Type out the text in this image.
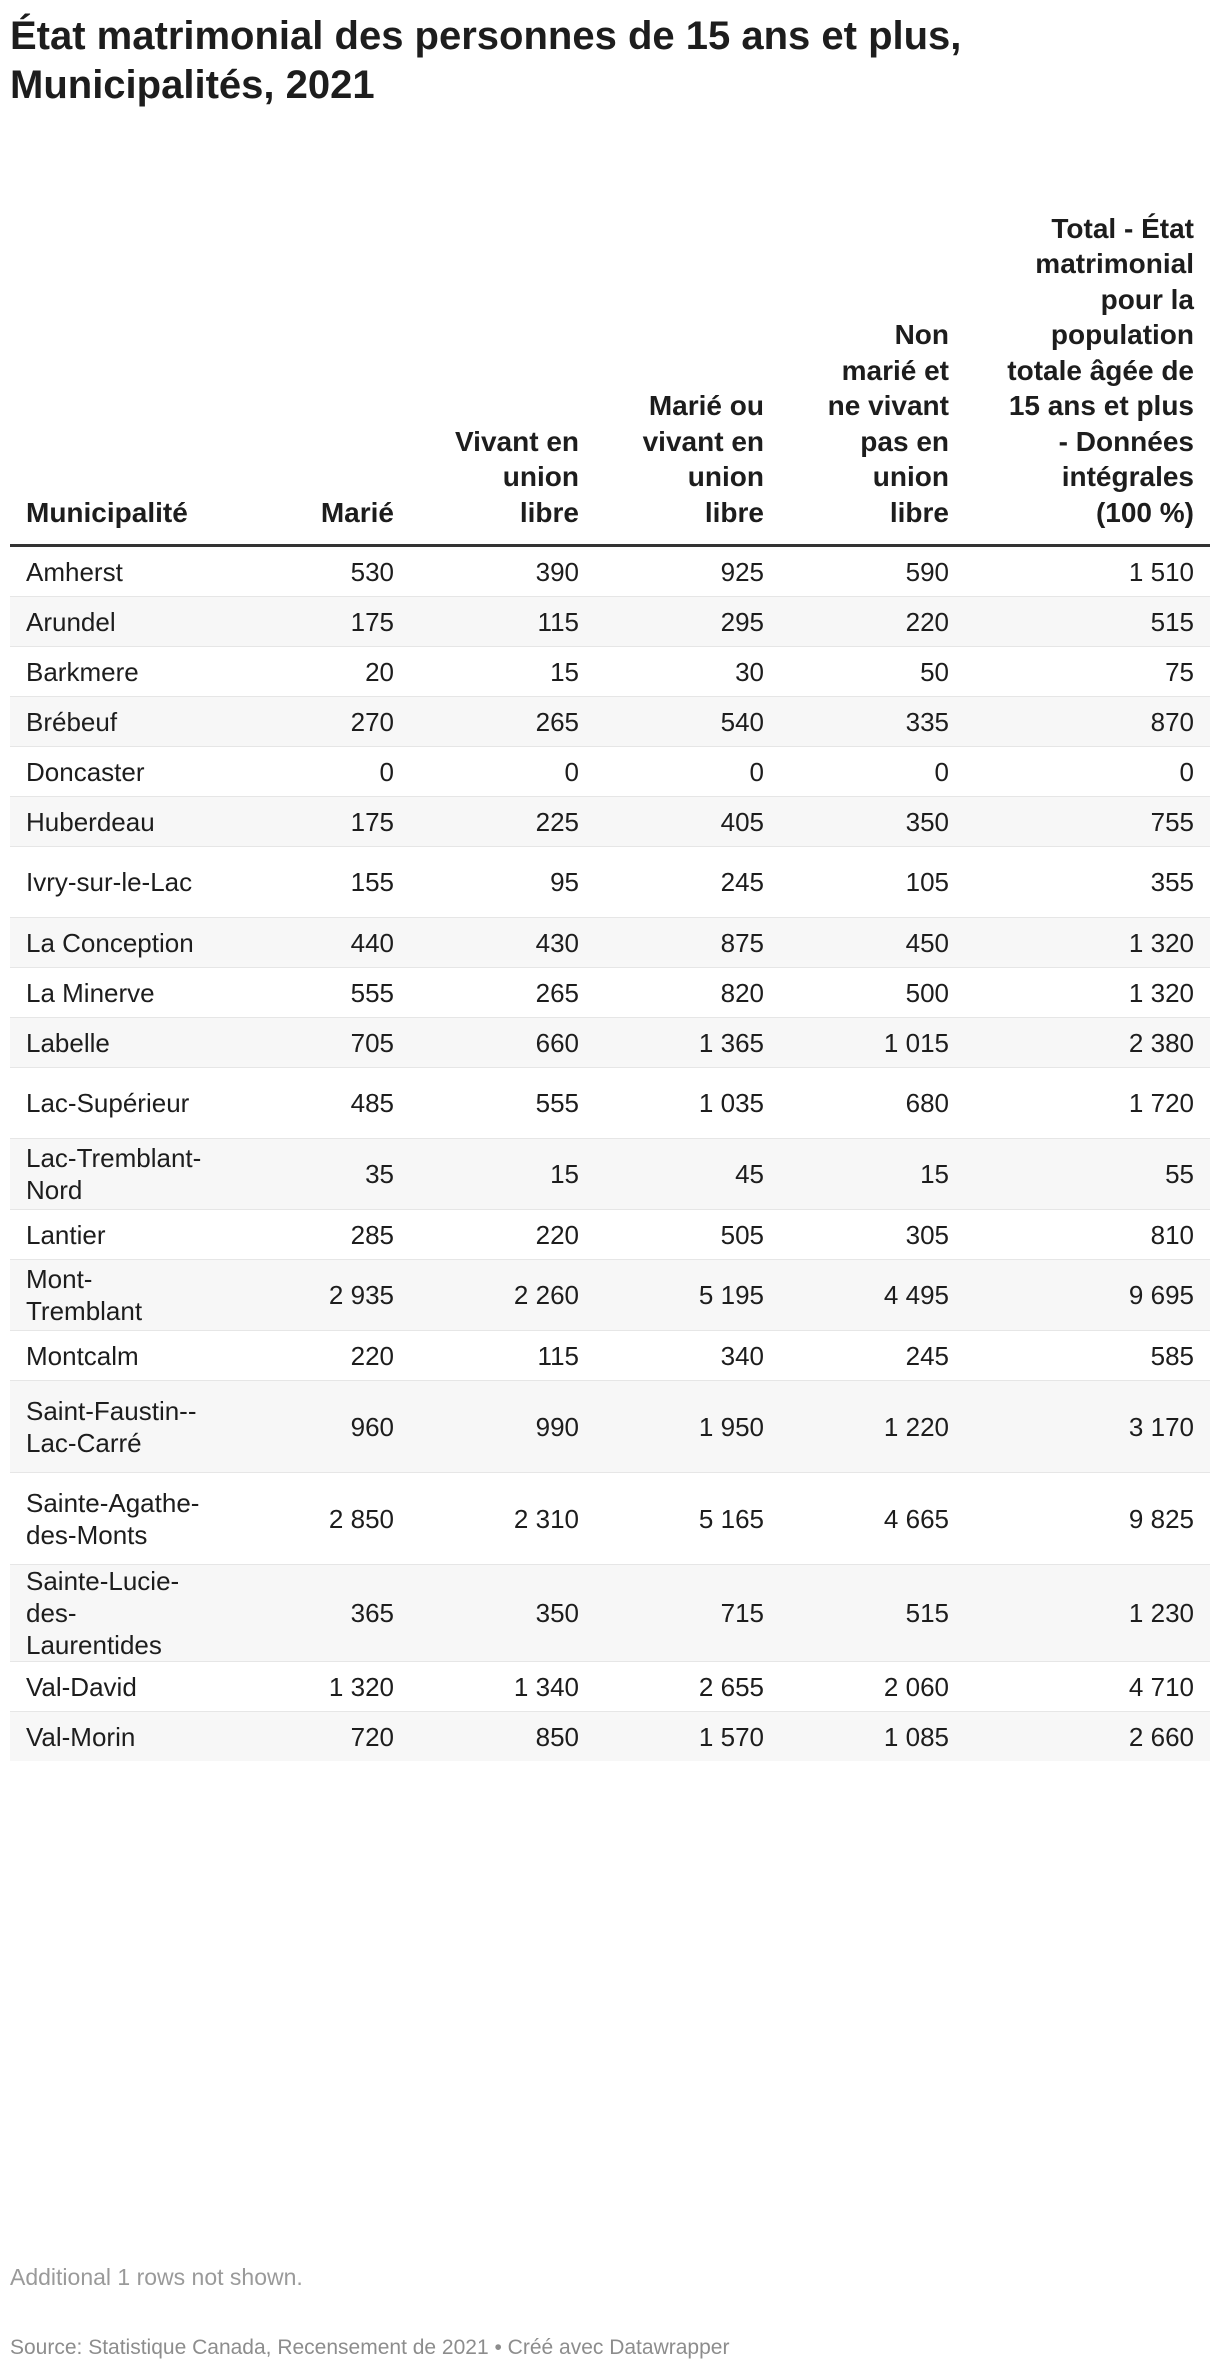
État matrimonial des personnes de 15 ans et plus, Municipalités, 2021
Municipalité	Marié	Vivant en union libre	Marié ou vivant en union libre	Non marié et ne vivant pas en union libre	Total - État matrimonial pour la population totale âgée de 15 ans et plus - Données intégrales (100 %)
Amherst	530	390	925	590	1 510
Arundel	175	115	295	220	515
Barkmere	20	15	30	50	75
Brébeuf	270	265	540	335	870
Doncaster	0	0	0	0	0
Huberdeau	175	225	405	350	755
Ivry-sur-le-Lac	155	95	245	105	355
La Conception	440	430	875	450	1 320
La Minerve	555	265	820	500	1 320
Labelle	705	660	1 365	1 015	2 380
Lac-Supérieur	485	555	1 035	680	1 720
Lac-Tremblant-Nord	35	15	45	15	55
Lantier	285	220	505	305	810
Mont-Tremblant	2 935	2 260	5 195	4 495	9 695
Montcalm	220	115	340	245	585
Saint-Faustin--Lac-Carré	960	990	1 950	1 220	3 170
Sainte-Agathe-des-Monts	2 850	2 310	5 165	4 665	9 825
Sainte-Lucie-des-Laurentides	365	350	715	515	1 230
Val-David	1 320	1 340	2 655	2 060	4 710
Val-Morin	720	850	1 570	1 085	2 660
Additional 1 rows not shown.
Source: Statistique Canada, Recensement de 2021 • Créé avec Datawrapper
